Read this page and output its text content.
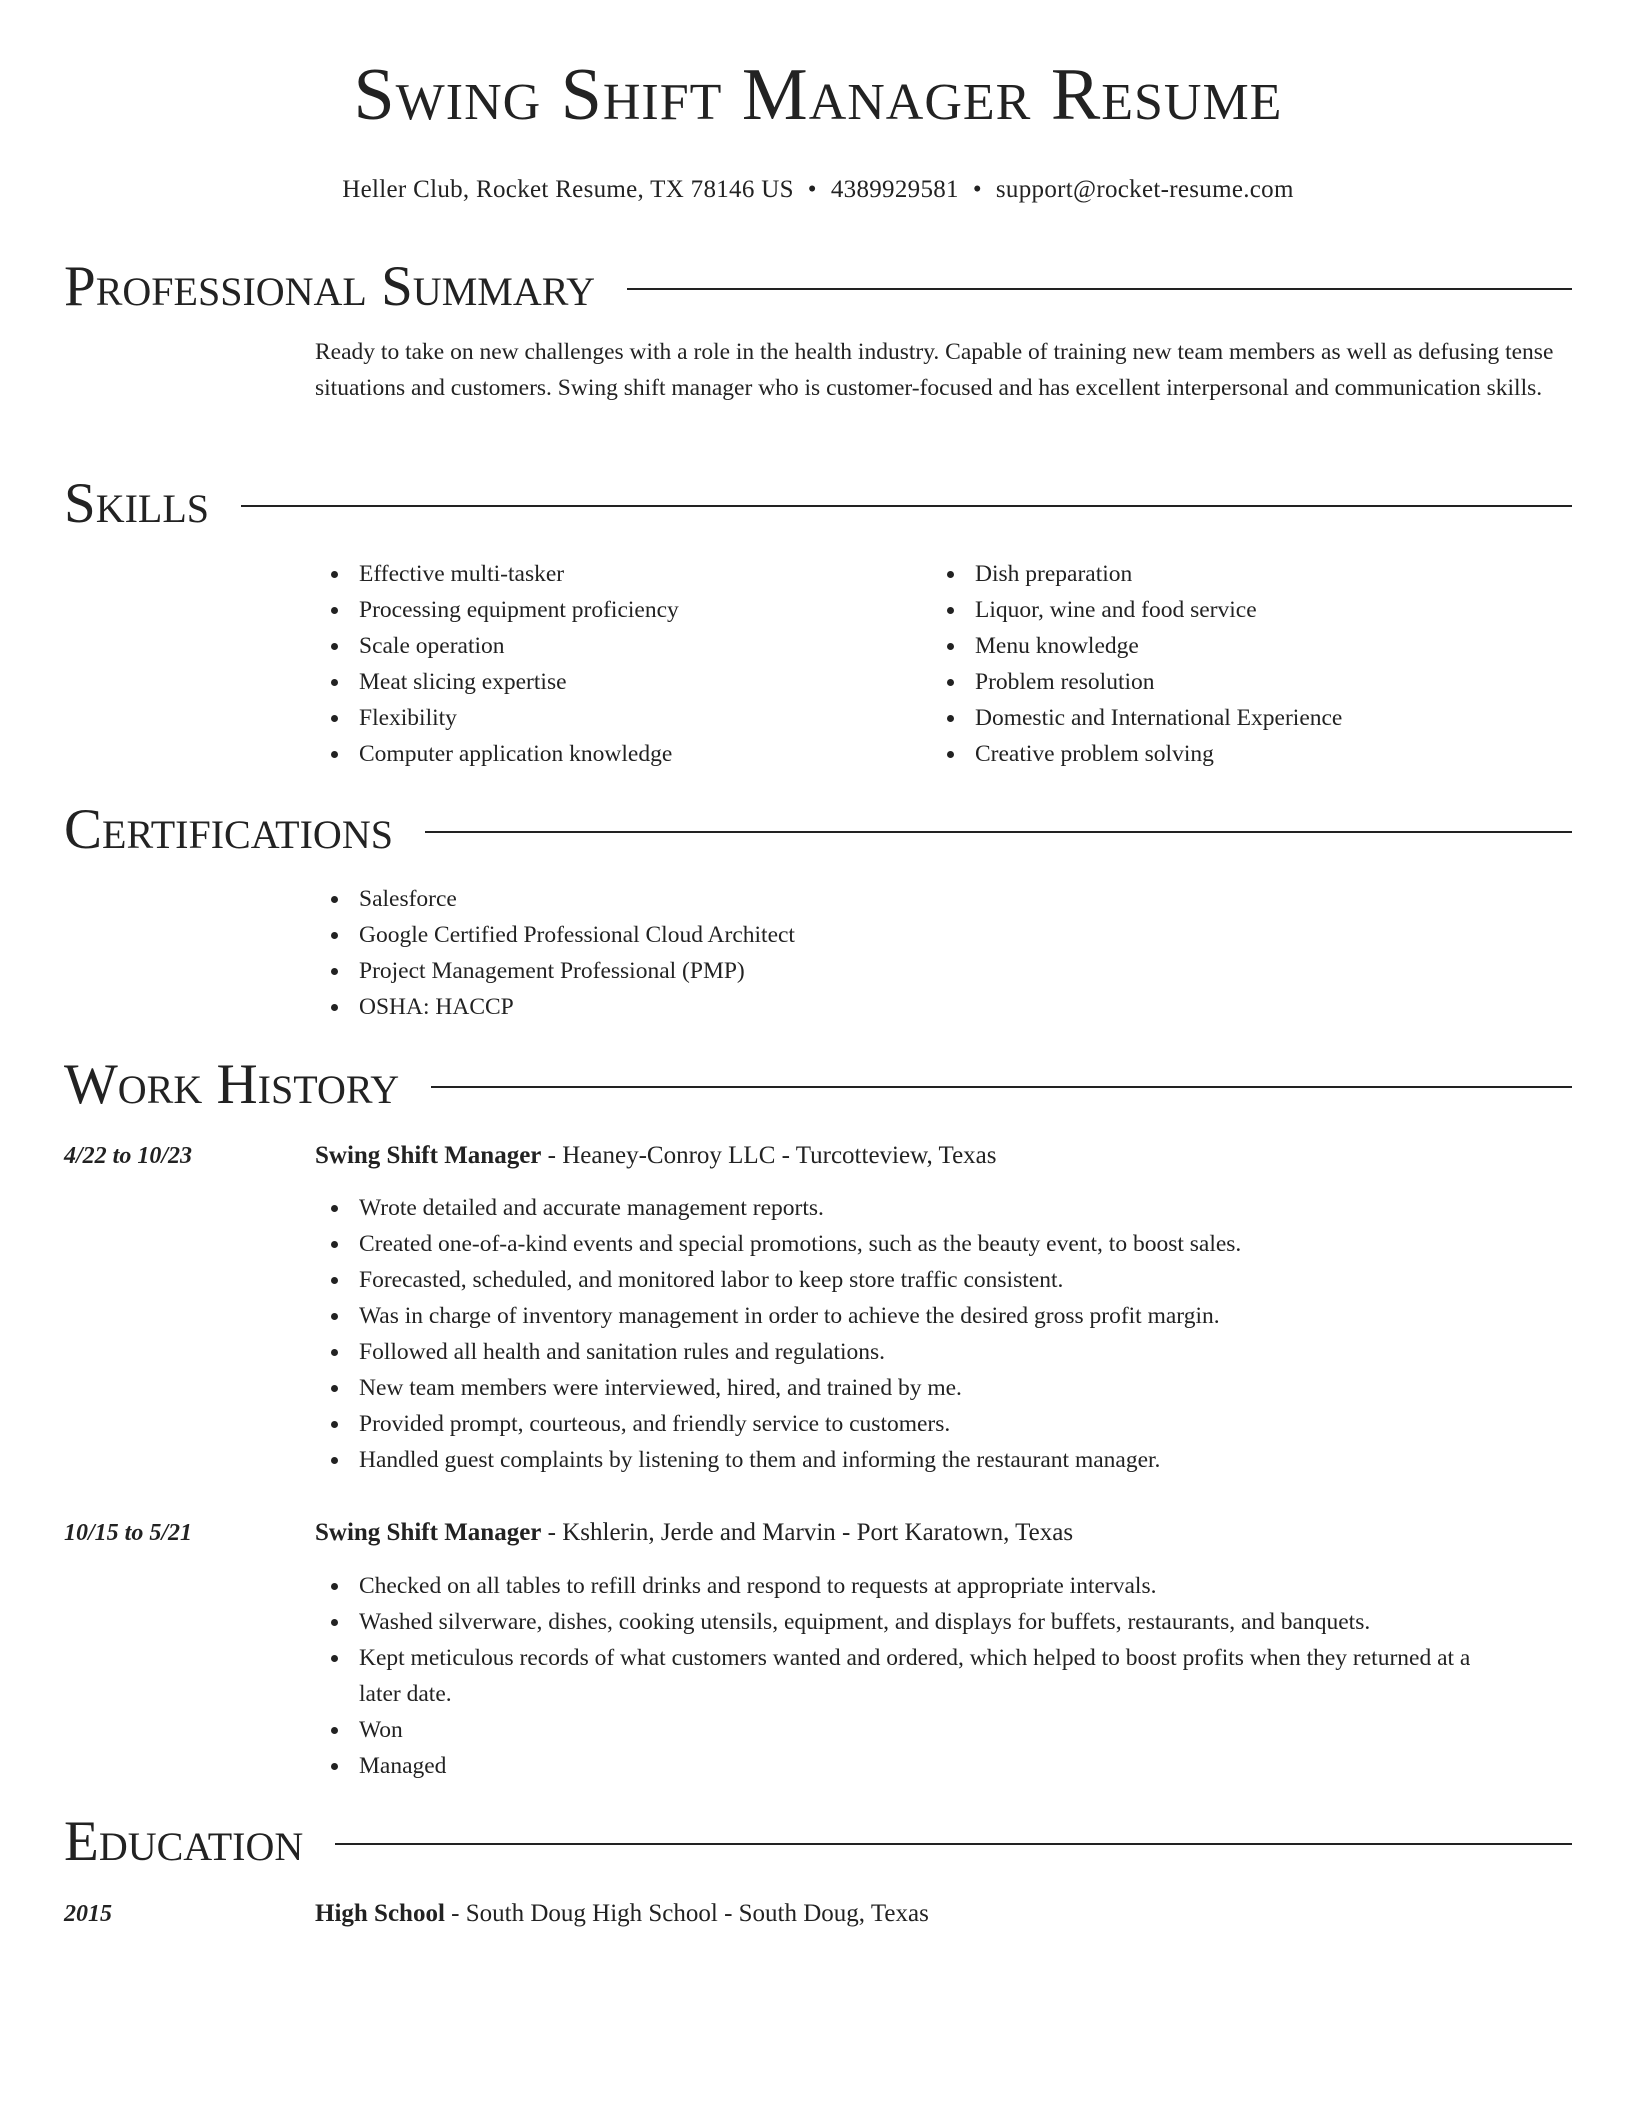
Swing Shift Manager Resume
Heller Club, Rocket Resume, TX 78146 US • 4389929581 • support@rocket-resume.com
Professional Summary

Ready to take on new challenges with a role in the health industry. Capable of training new team members as well as defusing tense situations and customers. Swing shift manager who is customer-focused and has excellent interpersonal and communication skills.

Skills
Effective multi-tasker
Processing equipment proficiency
Scale operation
Meat slicing expertise
Flexibility
Computer application knowledge
Dish preparation
Liquor, wine and food service
Menu knowledge
Problem resolution
Domestic and International Experience
Creative problem solving
Certifications
Salesforce
Google Certified Professional Cloud Architect
Project Management Professional (PMP)
OSHA: HACCP
Work History
4/22 to 10/23	Swing Shift Manager - Heaney-Conroy LLC - Turcotteview, Texas
Wrote detailed and accurate management reports.
Created one-of-a-kind events and special promotions, such as the beauty event, to boost sales.
Forecasted, scheduled, and monitored labor to keep store traffic consistent.
Was in charge of inventory management in order to achieve the desired gross profit margin.
Followed all health and sanitation rules and regulations.
New team members were interviewed, hired, and trained by me.
Provided prompt, courteous, and friendly service to customers.
Handled guest complaints by listening to them and informing the restaurant manager.
10/15 to 5/21	Swing Shift Manager - Kshlerin, Jerde and Marvin - Port Karatown, Texas
Checked on all tables to refill drinks and respond to requests at appropriate intervals.
Washed silverware, dishes, cooking utensils, equipment, and displays for buffets, restaurants, and banquets.
Kept meticulous records of what customers wanted and ordered, which helped to boost profits when they returned at a later date.
Won
Managed
Education
2015	High School - South Doug High School - South Doug, Texas
